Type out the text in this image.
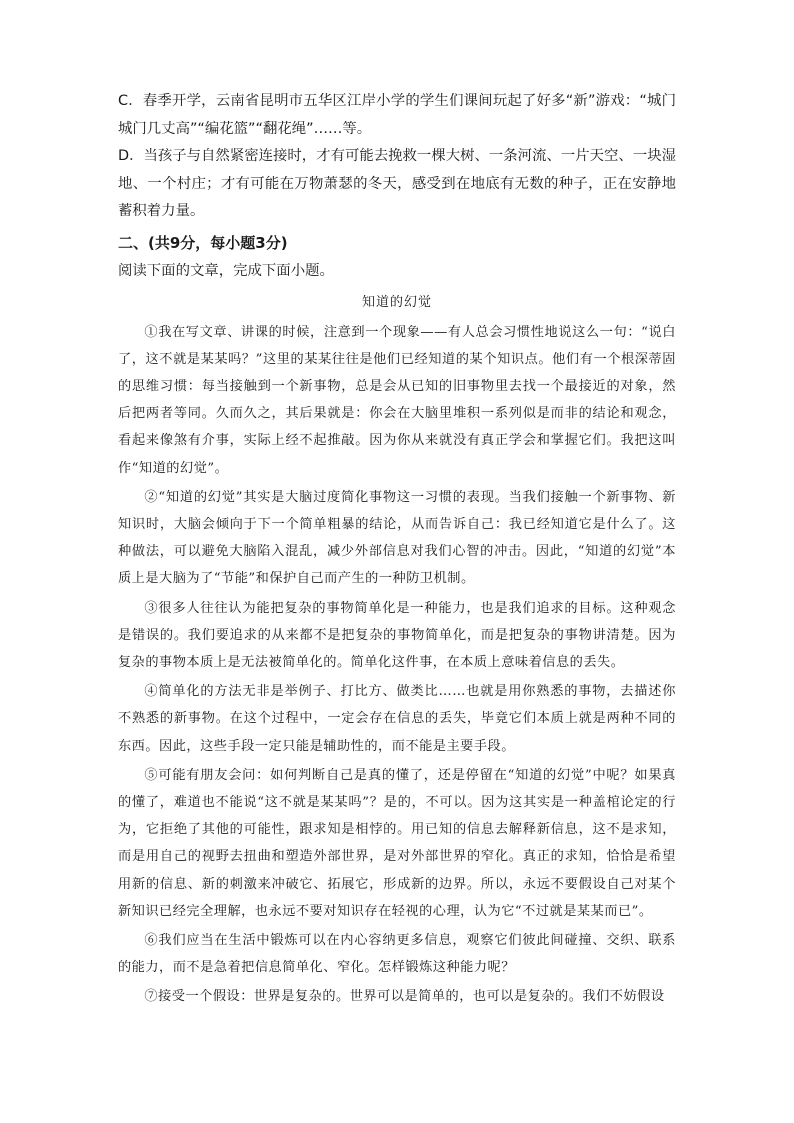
C．春季开学，云南省昆明市五华区江岸小学的学生们课间玩起了好多“新”游戏：“城门城门几丈高”“编花篮”“翻花绳”……等。

D．当孩子与自然紧密连接时，才有可能去挽救一棵大树、一条河流、一片天空、一块湿地、一个村庄；才有可能在万物萧瑟的冬天，感受到在地底有无数的种子，正在安静地蓄积着力量。

二、(共9分，每小题3分)

阅读下面的文章，完成下面小题。

知道的幻觉

①我在写文章、讲课的时候，注意到一个现象——有人总会习惯性地说这么一句：“说白了，这不就是某某吗？”这里的某某往往是他们已经知道的某个知识点。他们有一个根深蒂固的思维习惯：每当接触到一个新事物，总是会从已知的旧事物里去找一个最接近的对象，然后把两者等同。久而久之，其后果就是：你会在大脑里堆积一系列似是而非的结论和观念，看起来像煞有介事，实际上经不起推敲。因为你从来就没有真正学会和掌握它们。我把这叫作“知道的幻觉”。

②“知道的幻觉”其实是大脑过度简化事物这一习惯的表现。当我们接触一个新事物、新知识时，大脑会倾向于下一个简单粗暴的结论，从而告诉自己：我已经知道它是什么了。这种做法，可以避免大脑陷入混乱，减少外部信息对我们心智的冲击。因此，“知道的幻觉”本质上是大脑为了“节能”和保护自己而产生的一种防卫机制。

③很多人往往认为能把复杂的事物简单化是一种能力，也是我们追求的目标。这种观念是错误的。我们要追求的从来都不是把复杂的事物简单化，而是把复杂的事物讲清楚。因为复杂的事物本质上是无法被简单化的。简单化这件事，在本质上意味着信息的丢失。

④简单化的方法无非是举例子、打比方、做类比……也就是用你熟悉的事物，去描述你不熟悉的新事物。在这个过程中，一定会存在信息的丢失，毕竟它们本质上就是两种不同的东西。因此，这些手段一定只能是辅助性的，而不能是主要手段。

⑤可能有朋友会问：如何判断自己是真的懂了，还是停留在“知道的幻觉”中呢？如果真的懂了，难道也不能说“这不就是某某吗”？是的，不可以。因为这其实是一种盖棺论定的行为，它拒绝了其他的可能性，跟求知是相悖的。用已知的信息去解释新信息，这不是求知，而是用自己的视野去扭曲和塑造外部世界，是对外部世界的窄化。真正的求知，恰恰是希望用新的信息、新的刺激来冲破它、拓展它，形成新的边界。所以，永远不要假设自己对某个新知识已经完全理解，也永远不要对知识存在轻视的心理，认为它“不过就是某某而已”。

⑥我们应当在生活中锻炼可以在内心容纳更多信息，观察它们彼此间碰撞、交织、联系的能力，而不是急着把信息简单化、窄化。怎样锻炼这种能力呢？

⑦接受一个假设：世界是复杂的。世界可以是简单的，也可以是复杂的。我们不妨假设
